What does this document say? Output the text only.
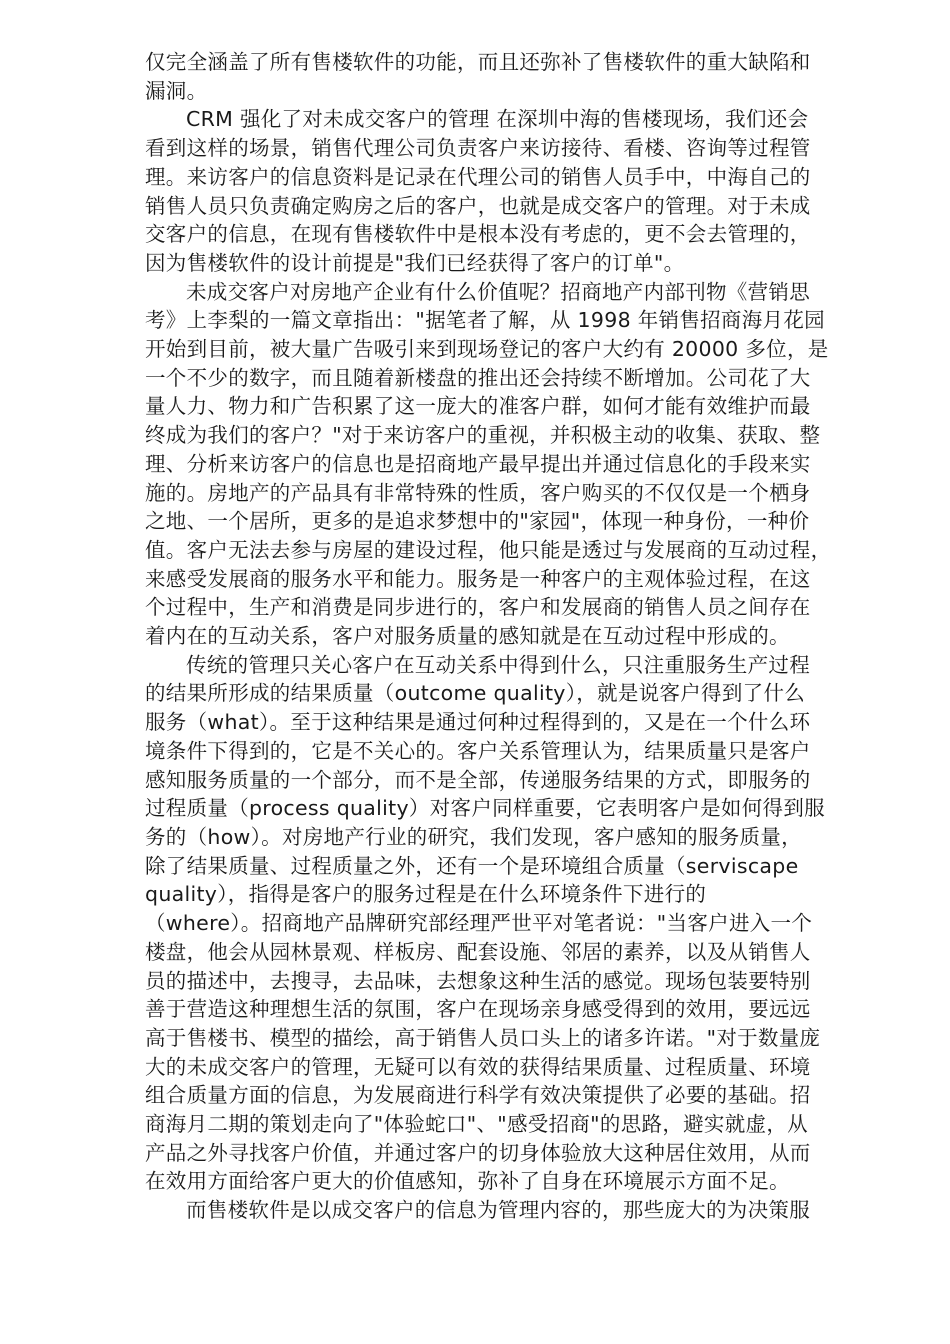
仅完全涵盖了所有售楼软件的功能，而且还弥补了售楼软件的重大缺陷和
漏洞。

CRM 强化了对未成交客户的管理 在深圳中海的售楼现场，我们还会
看到这样的场景，销售代理公司负责客户来访接待、看楼、咨询等过程管
理。来访客户的信息资料是记录在代理公司的销售人员手中，中海自己的
销售人员只负责确定购房之后的客户，也就是成交客户的管理。对于未成
交客户的信息，在现有售楼软件中是根本没有考虑的，更不会去管理的，
因为售楼软件的设计前提是"我们已经获得了客户的订单"。

未成交客户对房地产企业有什么价值呢？招商地产内部刊物《营销思
考》上李梨的一篇文章指出："据笔者了解，从 1998 年销售招商海月花园
开始到目前，被大量广告吸引来到现场登记的客户大约有 20000 多位，是
一个不少的数字，而且随着新楼盘的推出还会持续不断增加。公司花了大
量人力、物力和广告积累了这一庞大的准客户群，如何才能有效维护而最
终成为我们的客户？"对于来访客户的重视，并积极主动的收集、获取、整
理、分析来访客户的信息也是招商地产最早提出并通过信息化的手段来实
施的。房地产的产品具有非常特殊的性质，客户购买的不仅仅是一个栖身
之地、一个居所，更多的是追求梦想中的"家园"，体现一种身份，一种价
值。客户无法去参与房屋的建设过程，他只能是透过与发展商的互动过程，
来感受发展商的服务水平和能力。服务是一种客户的主观体验过程，在这
个过程中，生产和消费是同步进行的，客户和发展商的销售人员之间存在
着内在的互动关系，客户对服务质量的感知就是在互动过程中形成的。

传统的管理只关心客户在互动关系中得到什么，只注重服务生产过程
的结果所形成的结果质量（outcome quality），就是说客户得到了什么
服务（what）。至于这种结果是通过何种过程得到的，又是在一个什么环
境条件下得到的，它是不关心的。客户关系管理认为，结果质量只是客户
感知服务质量的一个部分，而不是全部，传递服务结果的方式，即服务的
过程质量（process quality）对客户同样重要，它表明客户是如何得到服
务的（how）。对房地产行业的研究，我们发现，客户感知的服务质量，
除了结果质量、过程质量之外，还有一个是环境组合质量（serviscape
quality），指得是客户的服务过程是在什么环境条件下进行的
（where）。招商地产品牌研究部经理严世平对笔者说："当客户进入一个
楼盘，他会从园林景观、样板房、配套设施、邻居的素养，以及从销售人
员的描述中，去搜寻，去品味，去想象这种生活的感觉。现场包装要特别
善于营造这种理想生活的氛围，客户在现场亲身感受得到的效用，要远远
高于售楼书、模型的描绘，高于销售人员口头上的诸多许诺。"对于数量庞
大的未成交客户的管理，无疑可以有效的获得结果质量、过程质量、环境
组合质量方面的信息，为发展商进行科学有效决策提供了必要的基础。招
商海月二期的策划走向了"体验蛇口"、"感受招商"的思路，避实就虚，从
产品之外寻找客户价值，并通过客户的切身体验放大这种居住效用，从而
在效用方面给客户更大的价值感知，弥补了自身在环境展示方面不足。

而售楼软件是以成交客户的信息为管理内容的，那些庞大的为决策服
